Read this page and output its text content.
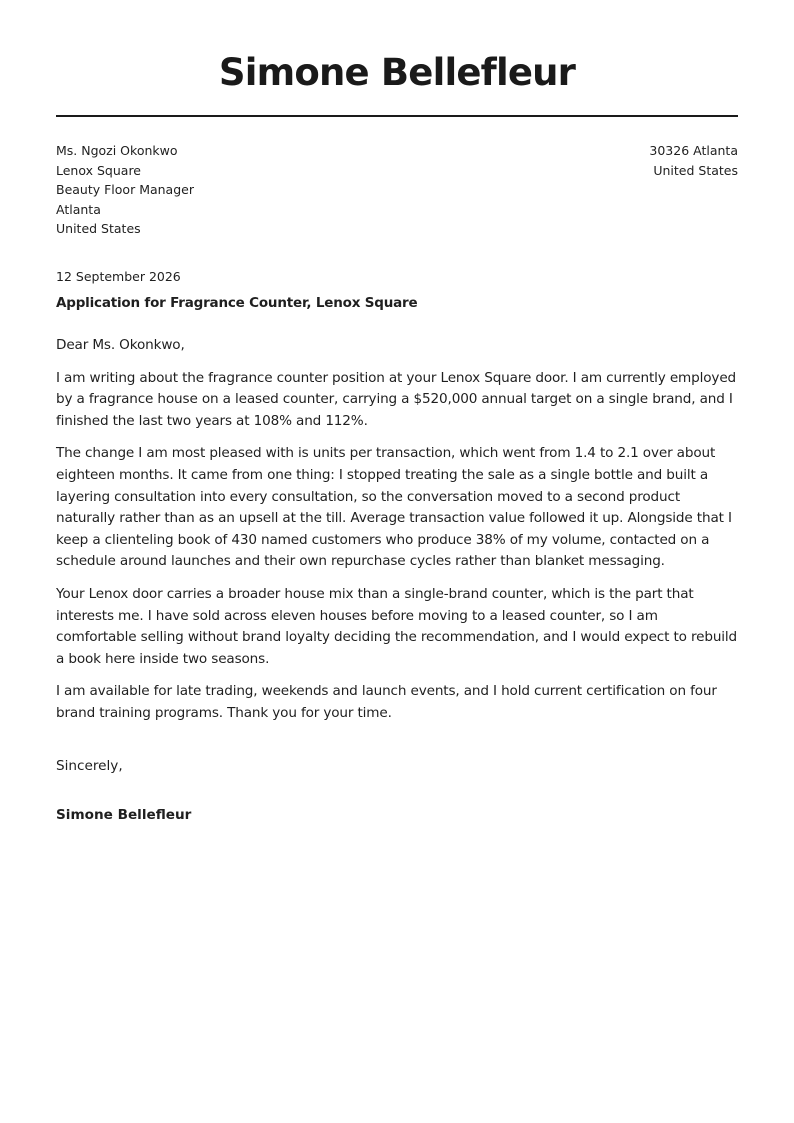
Simone Bellefleur
Ms. Ngozi Okonkwo
Lenox Square
Beauty Floor Manager
Atlanta
United States
30326 Atlanta
United States
12 September 2026
Application for Fragrance Counter, Lenox Square

Dear Ms. Okonkwo,

I am writing about the fragrance counter position at your Lenox Square door. I am currently employed by a fragrance house on a leased counter, carrying a $520,000 annual target on a single brand, and I finished the last two years at 108% and 112%.

The change I am most pleased with is units per transaction, which went from 1.4 to 2.1 over about eighteen months. It came from one thing: I stopped treating the sale as a single bottle and built a layering consultation into every consultation, so the conversation moved to a second product naturally rather than as an upsell at the till. Average transaction value followed it up. Alongside that I keep a clienteling book of 430 named customers who produce 38% of my volume, contacted on a schedule around launches and their own repurchase cycles rather than blanket messaging.

Your Lenox door carries a broader house mix than a single-brand counter, which is the part that interests me. I have sold across eleven houses before moving to a leased counter, so I am comfortable selling without brand loyalty deciding the recommendation, and I would expect to rebuild a book here inside two seasons.

I am available for late trading, weekends and launch events, and I hold current certification on four brand training programs. Thank you for your time.

Sincerely,
Simone Bellefleur
